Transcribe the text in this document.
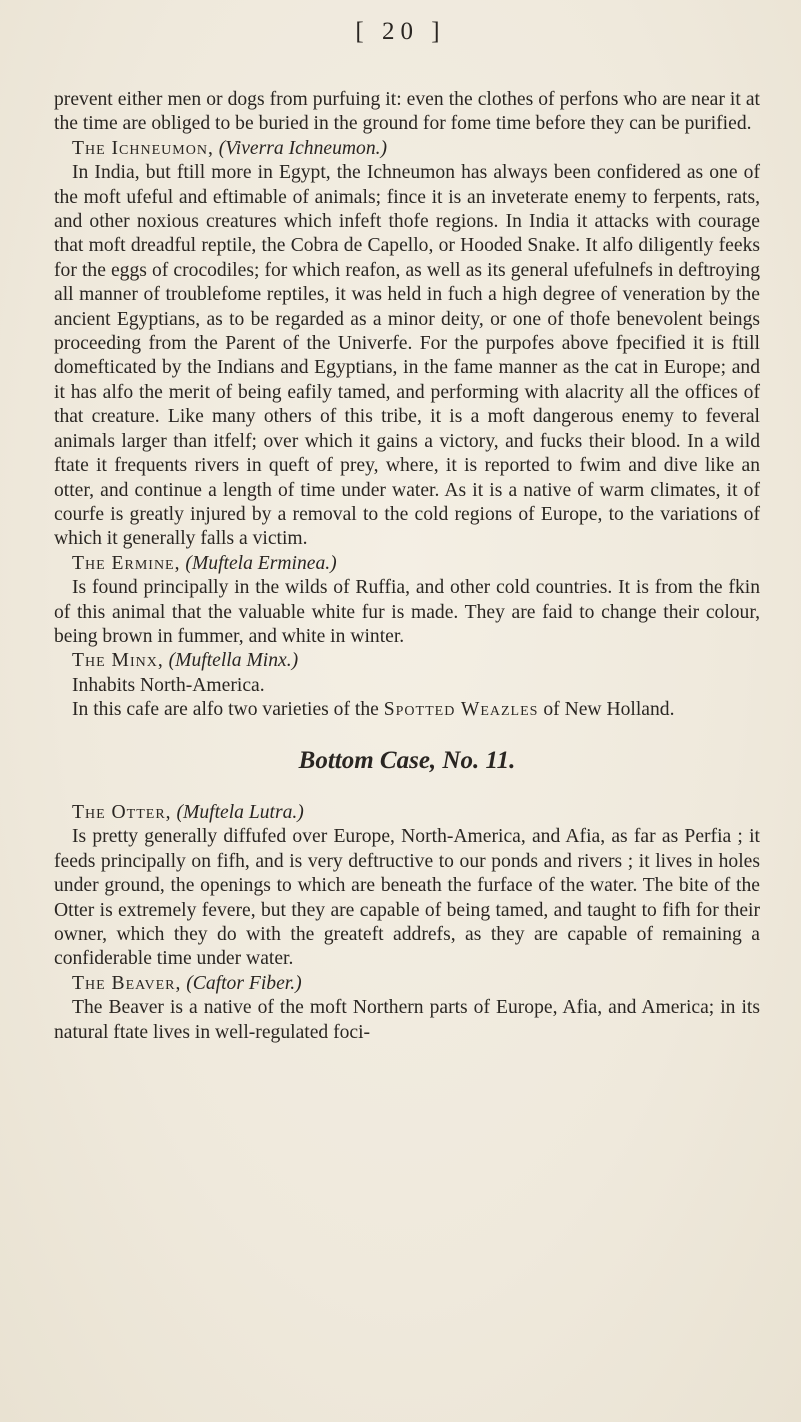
[ 20 ]

prevent either men or dogs from purfuing it: even the clothes of perfons who are near it at the time are obliged to be buried in the ground for fome time before they can be purified.

The Ichneumon, (Viverra Ichneumon.)

In India, but ftill more in Egypt, the Ichneumon has always been confidered as one of the moft ufeful and eftimable of animals; fince it is an inveterate enemy to ferpents, rats, and other noxious creatures which infeft thofe regions. In India it attacks with courage that moft dreadful reptile, the Cobra de Capello, or Hooded Snake. It alfo diligently feeks for the eggs of crocodiles; for which reafon, as well as its general ufefulnefs in deftroying all manner of troublefome reptiles, it was held in fuch a high degree of veneration by the ancient Egyptians, as to be regarded as a minor deity, or one of thofe benevolent beings proceeding from the Parent of the Univerfe. For the purpofes above fpecified it is ftill domefticated by the Indians and Egyptians, in the fame manner as the cat in Europe; and it has alfo the merit of being eafily tamed, and performing with alacrity all the offices of that creature. Like many others of this tribe, it is a moft dangerous enemy to feveral animals larger than itfelf; over which it gains a victory, and fucks their blood. In a wild ftate it frequents rivers in queft of prey, where, it is reported to fwim and dive like an otter, and continue a length of time under water. As it is a native of warm climates, it of courfe is greatly injured by a removal to the cold regions of Europe, to the variations of which it generally falls a victim.

The Ermine, (Muftela Erminea.)

Is found principally in the wilds of Ruffia, and other cold countries. It is from the fkin of this animal that the valuable white fur is made. They are faid to change their colour, being brown in fummer, and white in winter.

The Minx, (Muftella Minx.)

Inhabits North-America.

In this cafe are alfo two varieties of the Spotted Weazles of New Holland.

Bottom Case, No. 11.

The Otter, (Muftela Lutra.)

Is pretty generally diffufed over Europe, North-America, and Afia, as far as Perfia ; it feeds principally on fifh, and is very deftructive to our ponds and rivers ; it lives in holes under ground, the openings to which are beneath the furface of the water. The bite of the Otter is extremely fevere, but they are capable of being tamed, and taught to fifh for their owner, which they do with the greateft addrefs, as they are capable of remaining a confiderable time under water.

The Beaver, (Caftor Fiber.)

The Beaver is a native of the moft Northern parts of Europe, Afia, and America; in its natural ftate lives in well-regulated foci-
